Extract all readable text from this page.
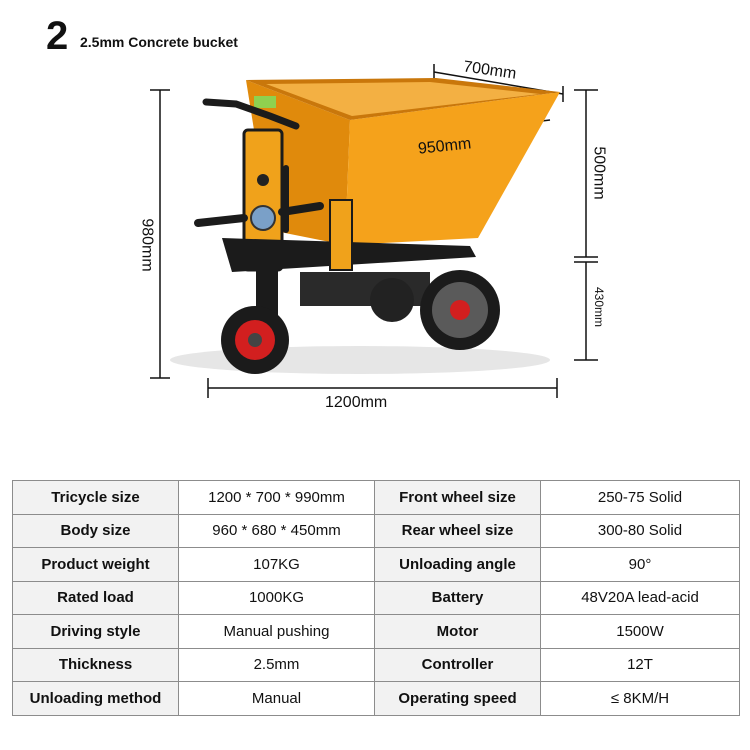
2 2.5mm Concrete bucket
700mm
950mm	500mm
430mm
980mm
1200mm
Tricycle size	1200 * 700 * 990mm	Front wheel size	250-75 Solid
Body size	960 * 680 * 450mm	Rear wheel size	300-80 Solid
Product weight	107KG	Unloading angle	90°
Rated load	1000KG	Battery	48V20A lead-acid
Driving style	Manual pushing	Motor	1500W
Thickness	2.5mm	Controller	12T
Unloading method	Manual	Operating speed	≤ 8KM/H
